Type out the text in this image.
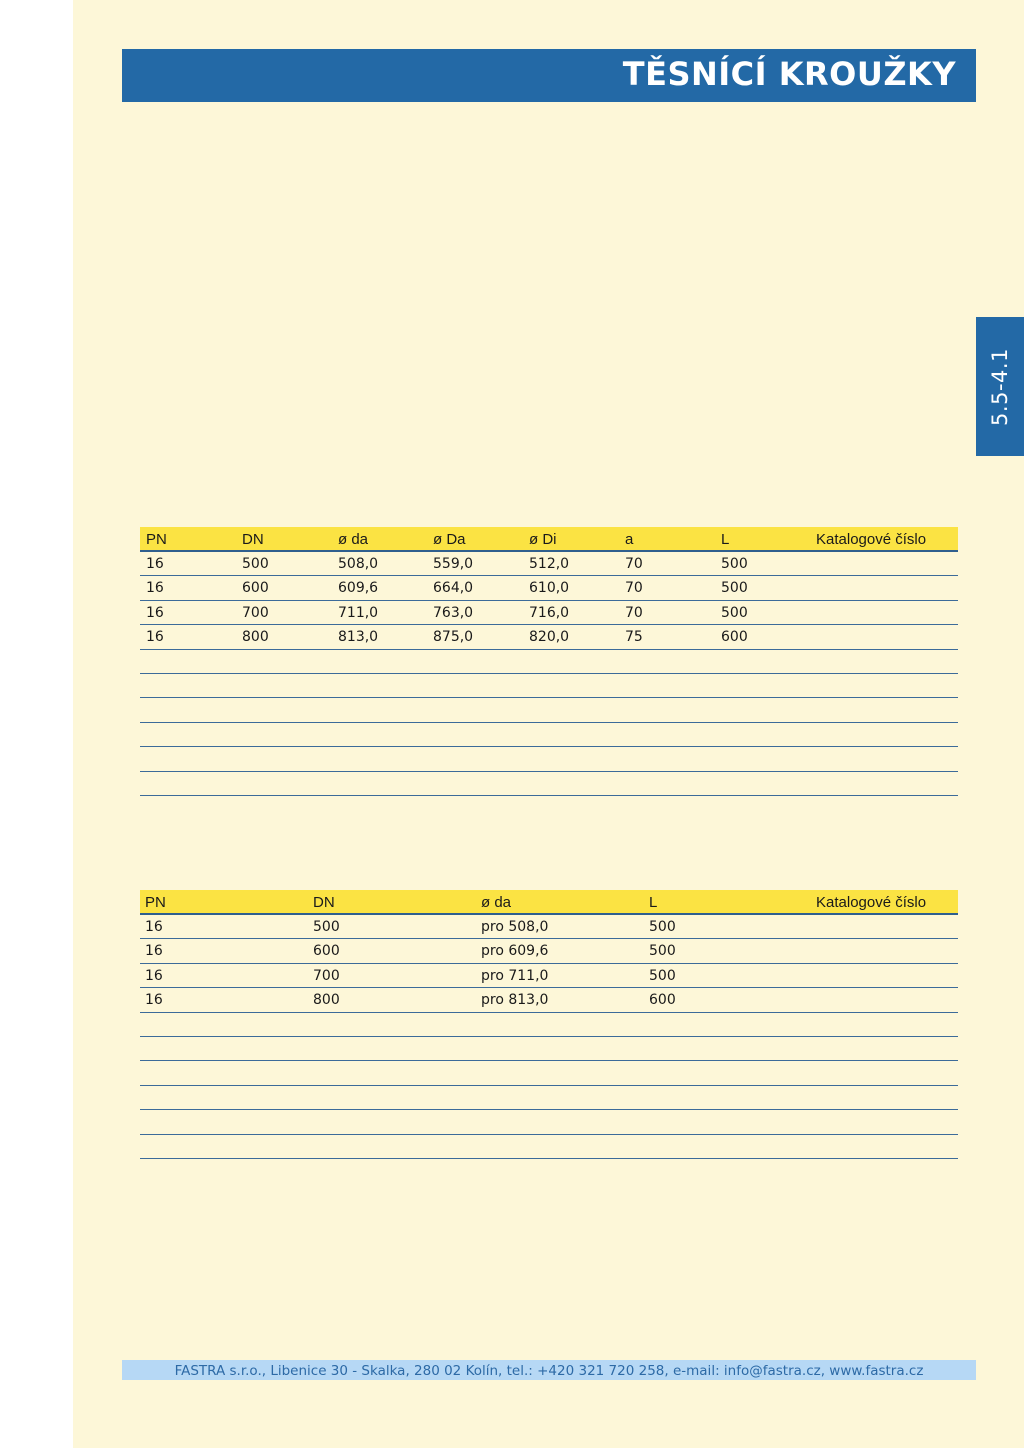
TĚSNÍCÍ KROUŽKY
5.5-4.1
PN	DN	ø da	ø Da	ø Di	a	L	Katalogové číslo
16	500	508,0	559,0	512,0	70	500
16	600	609,6	664,0	610,0	70	500
16	700	711,0	763,0	716,0	70	500
16	800	813,0	875,0	820,0	75	600
PN	DN	ø da	L	Katalogové číslo
16	500	pro 508,0	500
16	600	pro 609,6	500
16	700	pro 711,0	500
16	800	pro 813,0	600
FASTRA s.r.o., Libenice 30 - Skalka, 280 02 Kolín, tel.: +420 321 720 258, e-mail: info@fastra.cz, www.fastra.cz
